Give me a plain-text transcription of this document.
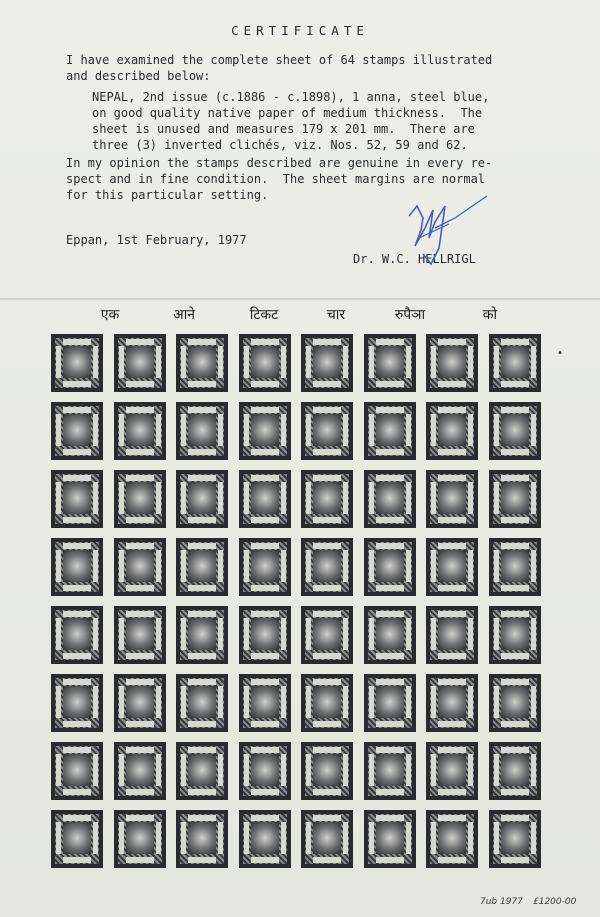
CERTIFICATE
I have examined the complete sheet of 64 stamps illustrated
and described below:
NEPAL, 2nd issue (c.1886 - c.1898), 1 anna, steel blue,
on good quality native paper of medium thickness.  The
sheet is unused and measures 179 x 201 mm.  There are
three (3) inverted clichés, viz. Nos. 52, 59 and 62.
In my opinion the stamps described are genuine in every re-
spect and in fine condition.  The sheet margins are normal
for this particular setting.
Eppan, 1st February, 1977
Dr. W.C. HELLRIGL
एक	आने	टिकट	चार	रुपैञा	को
•
7ub 1977 £1200-00
